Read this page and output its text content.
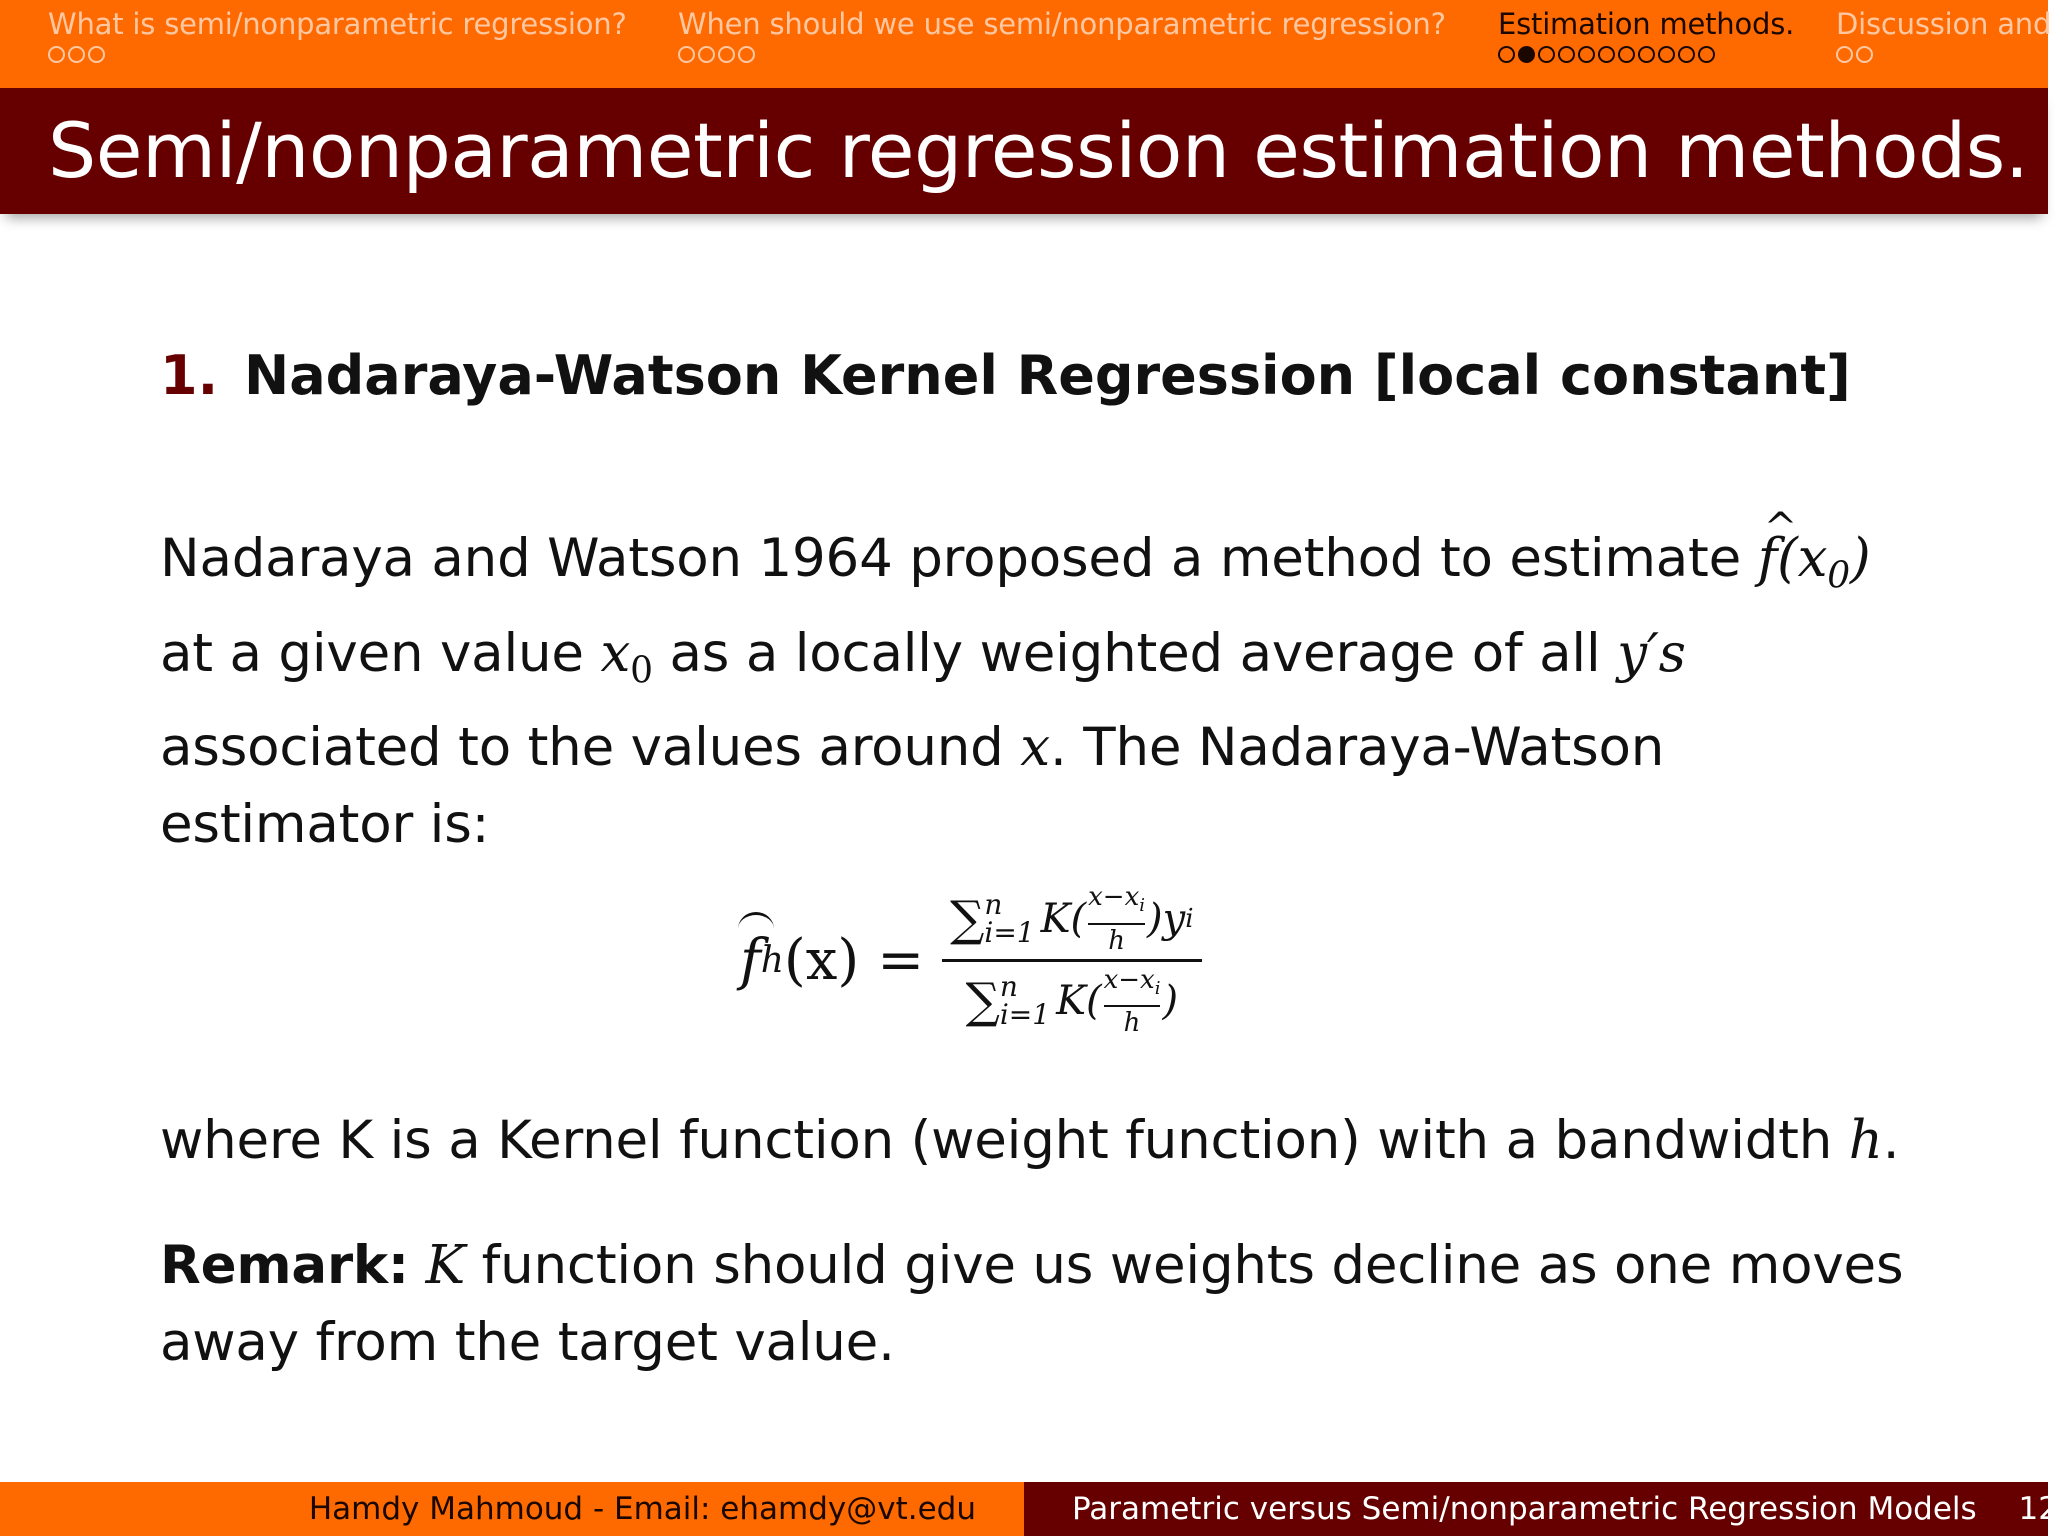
What is semi/nonparametric regression? When should we use semi/nonparametric regression? Estimation methods. Discussion and
Semi/nonparametric regression estimation methods.
1. Nadaraya-Watson Kernel Regression [local constant]
Nadaraya and Watson 1964 proposed a method to estimate ^ $f(x_0)$
at a given value $x_0$ as a locally weighted average of all y′s
associated to the values around x. The Nadaraya-Watson
estimator is:
f h (x) = ∑ n
i=1 K( $x-x_i$
h )y i
∑ n
i=1 K( $x-x_i$
h )
where K is a Kernel function (weight function) with a bandwidth h.
Remark: K function should give us weights decline as one moves
away from the target value.
Hamdy Mahmoud - Email: ehamdy@vt.edu	Parametric versus Semi/nonparametric Regression Models 12
